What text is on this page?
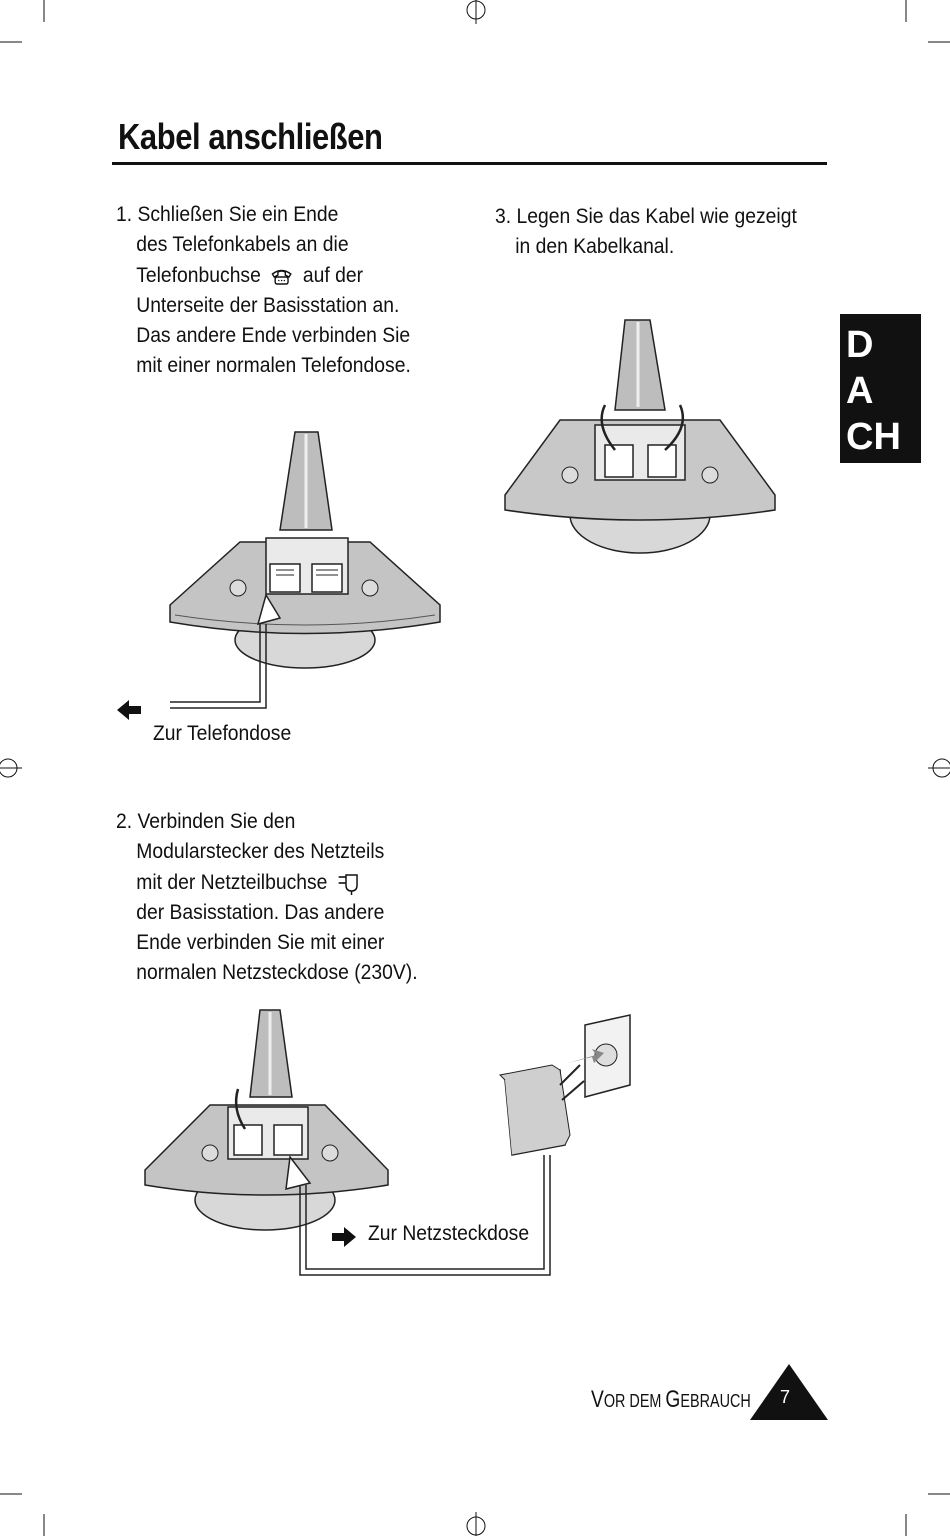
Kabel anschließen
1. Schließen Sie ein Ende
des Telefonkabels an die
Telefonbuchse auf der
Unterseite der Basisstation an.
Das andere Ende verbinden Sie
mit einer normalen Telefondose.
3. Legen Sie das Kabel wie gezeigt
in den Kabelkanal.
D
A
CH
Zur Telefondose
2. Verbinden Sie den
Modularstecker des Netzteils
mit der Netzteilbuchse
der Basisstation. Das andere
Ende verbinden Sie mit einer
normalen Netzsteckdose (230V).
Zur Netzsteckdose
VOR DEM GEBRAUCH 7
